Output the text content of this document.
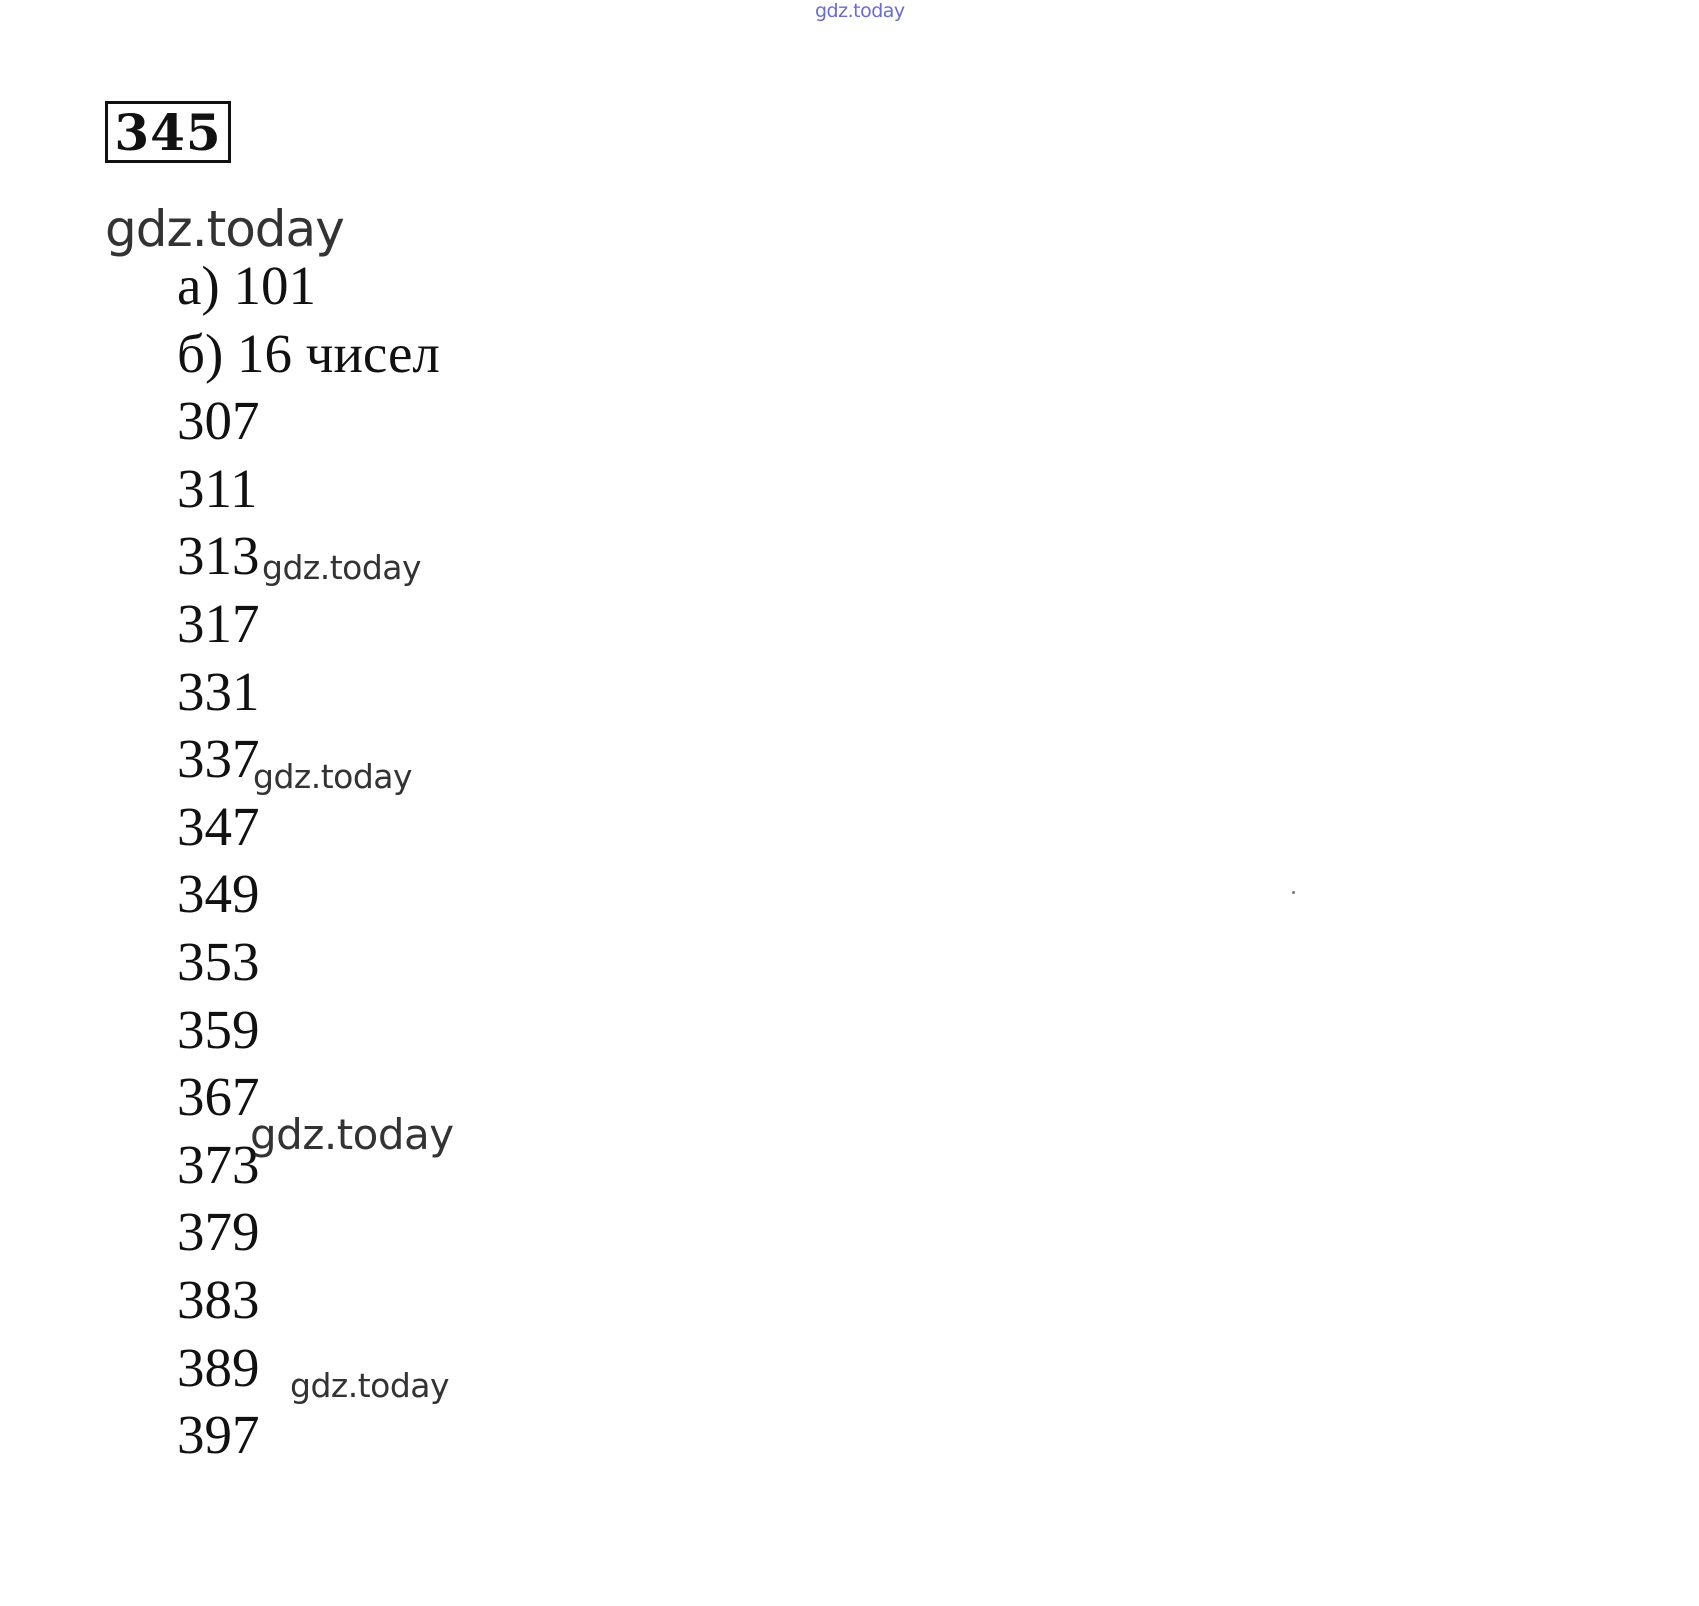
gdz.today
345
gdz.today
а) 101
б) 16 чисел
307
311
313
317
331
337
347
349
353
359
367
373
379
383
389
397
gdz.today
gdz.today
gdz.today
gdz.today
